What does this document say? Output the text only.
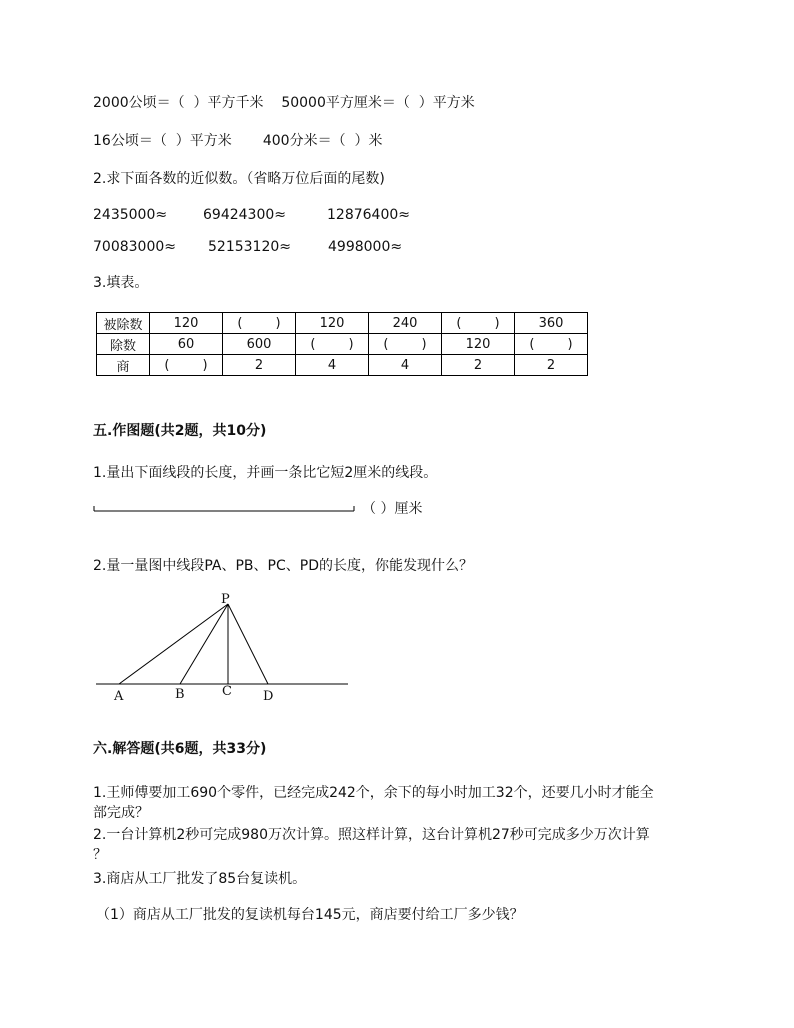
2000公顷＝（  ）平方千米    50000平方厘米＝（  ）平方米
16公顷＝（  ）平方米       400分米＝（  ）米
2.求下面各数的近似数。（省略万位后面的尾数)
2435000≈	69424300≈	12876400≈
70083000≈ 52153120≈	4998000≈
3.填表。
被除数	120	(        )	120	240	(        )	360
除数	60	600	(        )	(        )	120	(        )
商	(        )	2	4	4	2	2
五.作图题(共2题，共10分)
1.量出下面线段的长度，并画一条比它短2厘米的线段。
（ ）厘米
2.量一量图中线段PA、PB、PC、PD的长度，你能发现什么？
P
A	B	C D
六.解答题(共6题，共33分)
1.王师傅要加工690个零件，已经完成242个，余下的每小时加工32个，还要几小时才能全
部完成？
2.一台计算机2秒可完成980万次计算。照这样计算，这台计算机27秒可完成多少万次计算
？
3.商店从工厂批发了85台复读机。
（1）商店从工厂批发的复读机每台145元，商店要付给工厂多少钱？
